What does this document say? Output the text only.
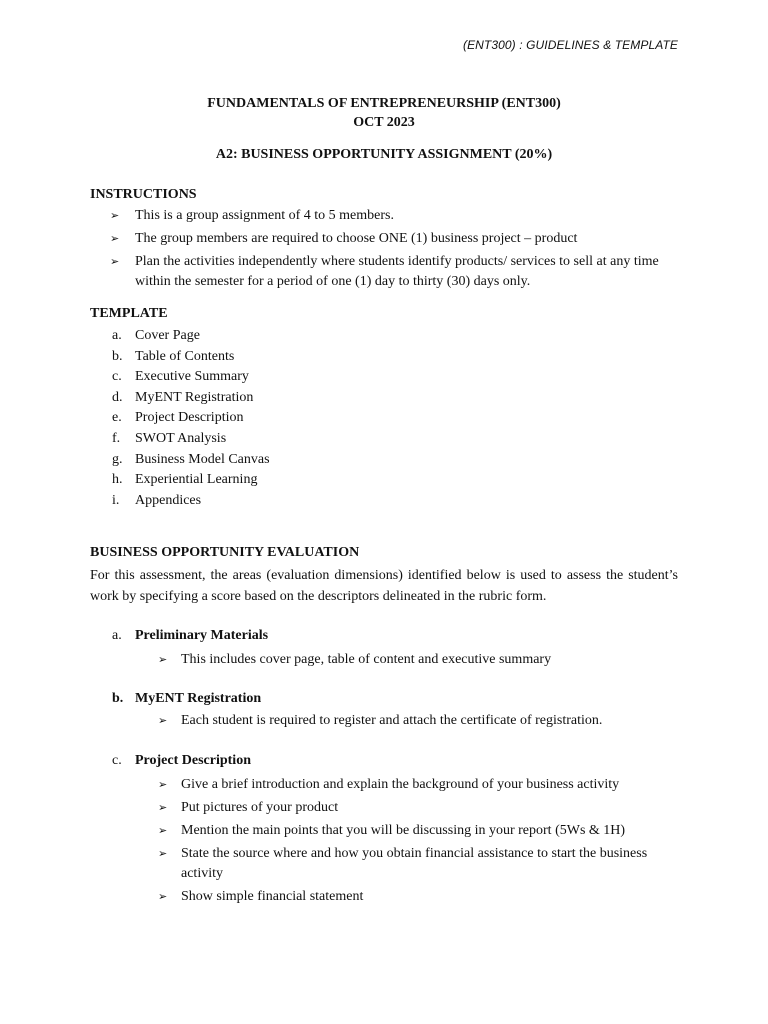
(ENT300) : GUIDELINES & TEMPLATE
FUNDAMENTALS OF ENTREPRENEURSHIP (ENT300)
OCT 2023
A2: BUSINESS OPPORTUNITY ASSIGNMENT (20%)
INSTRUCTIONS
➢ This is a group assignment of 4 to 5 members.
➢ The group members are required to choose ONE (1) business project – product
➢ Plan the activities independently where students identify products/ services to sell at any time within the semester for a period of one (1) day to thirty (30) days only.
TEMPLATE
a. Cover Page
b. Table of Contents
c. Executive Summary
d. MyENT Registration
e. Project Description
f. SWOT Analysis
g. Business Model Canvas
h. Experiential Learning
i. Appendices
BUSINESS OPPORTUNITY EVALUATION
For this assessment, the areas (evaluation dimensions) identified below is used to assess the student’s work by specifying a score based on the descriptors delineated in the rubric form.
a. Preliminary Materials
➢ This includes cover page, table of content and executive summary
b. MyENT Registration
➢ Each student is required to register and attach the certificate of registration.
c. Project Description
➢ Give a brief introduction and explain the background of your business activity
➢ Put pictures of your product
➢ Mention the main points that you will be discussing in your report (5Ws & 1H)
➢ State the source where and how you obtain financial assistance to start the business activity
➢ Show simple financial statement
